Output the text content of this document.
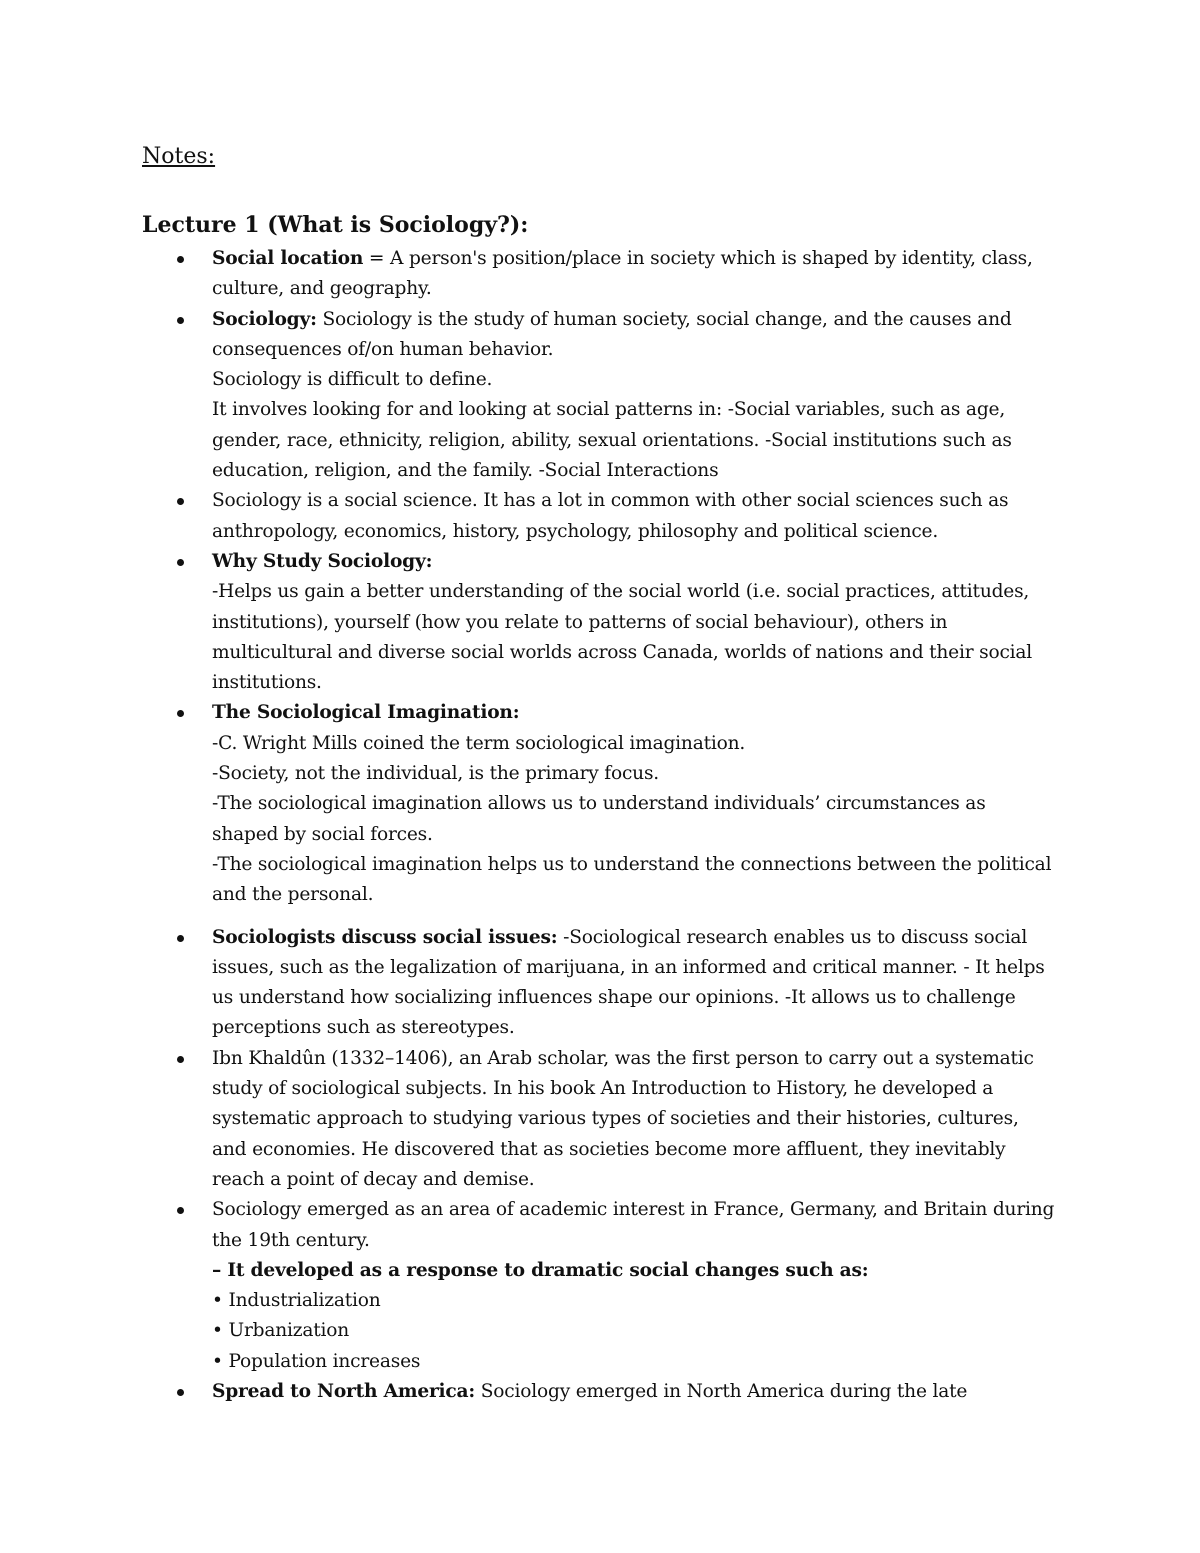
Notes:
Lecture 1 (What is Sociology?):
Social location = A person's position/place in society which is shaped by identity, class, culture, and geography.
Sociology: Sociology is the study of human society, social change, and the causes and consequences of/on human behavior.
Sociology is difficult to define.
It involves looking for and looking at social patterns in: -Social variables, such as age, gender, race, ethnicity, religion, ability, sexual orientations. -Social institutions such as education, religion, and the family. -Social Interactions
Sociology is a social science. It has a lot in common with other social sciences such as anthropology, economics, history, psychology, philosophy and political science.
Why Study Sociology:
-Helps us gain a better understanding of the social world (i.e. social practices, attitudes, institutions), yourself (how you relate to patterns of social behaviour), others in multicultural and diverse social worlds across Canada, worlds of nations and their social institutions.
The Sociological Imagination:
-C. Wright Mills coined the term sociological imagination.
-Society, not the individual, is the primary focus.
-The sociological imagination allows us to understand individuals’ circumstances as shaped by social forces.
-The sociological imagination helps us to understand the connections between the political and the personal.
Sociologists discuss social issues: -Sociological research enables us to discuss social issues, such as the legalization of marijuana, in an informed and critical manner. - It helps us understand how socializing influences shape our opinions. -It allows us to challenge perceptions such as stereotypes.
Ibn Khaldûn (1332–1406), an Arab scholar, was the first person to carry out a systematic study of sociological subjects. In his book An Introduction to History, he developed a systematic approach to studying various types of societies and their histories, cultures, and economies. He discovered that as societies become more affluent, they inevitably reach a point of decay and demise.
Sociology emerged as an area of academic interest in France, Germany, and Britain during the 19th century.
– It developed as a response to dramatic social changes such as:
• Industrialization
• Urbanization
• Population increases
Spread to North America: Sociology emerged in North America during the late
